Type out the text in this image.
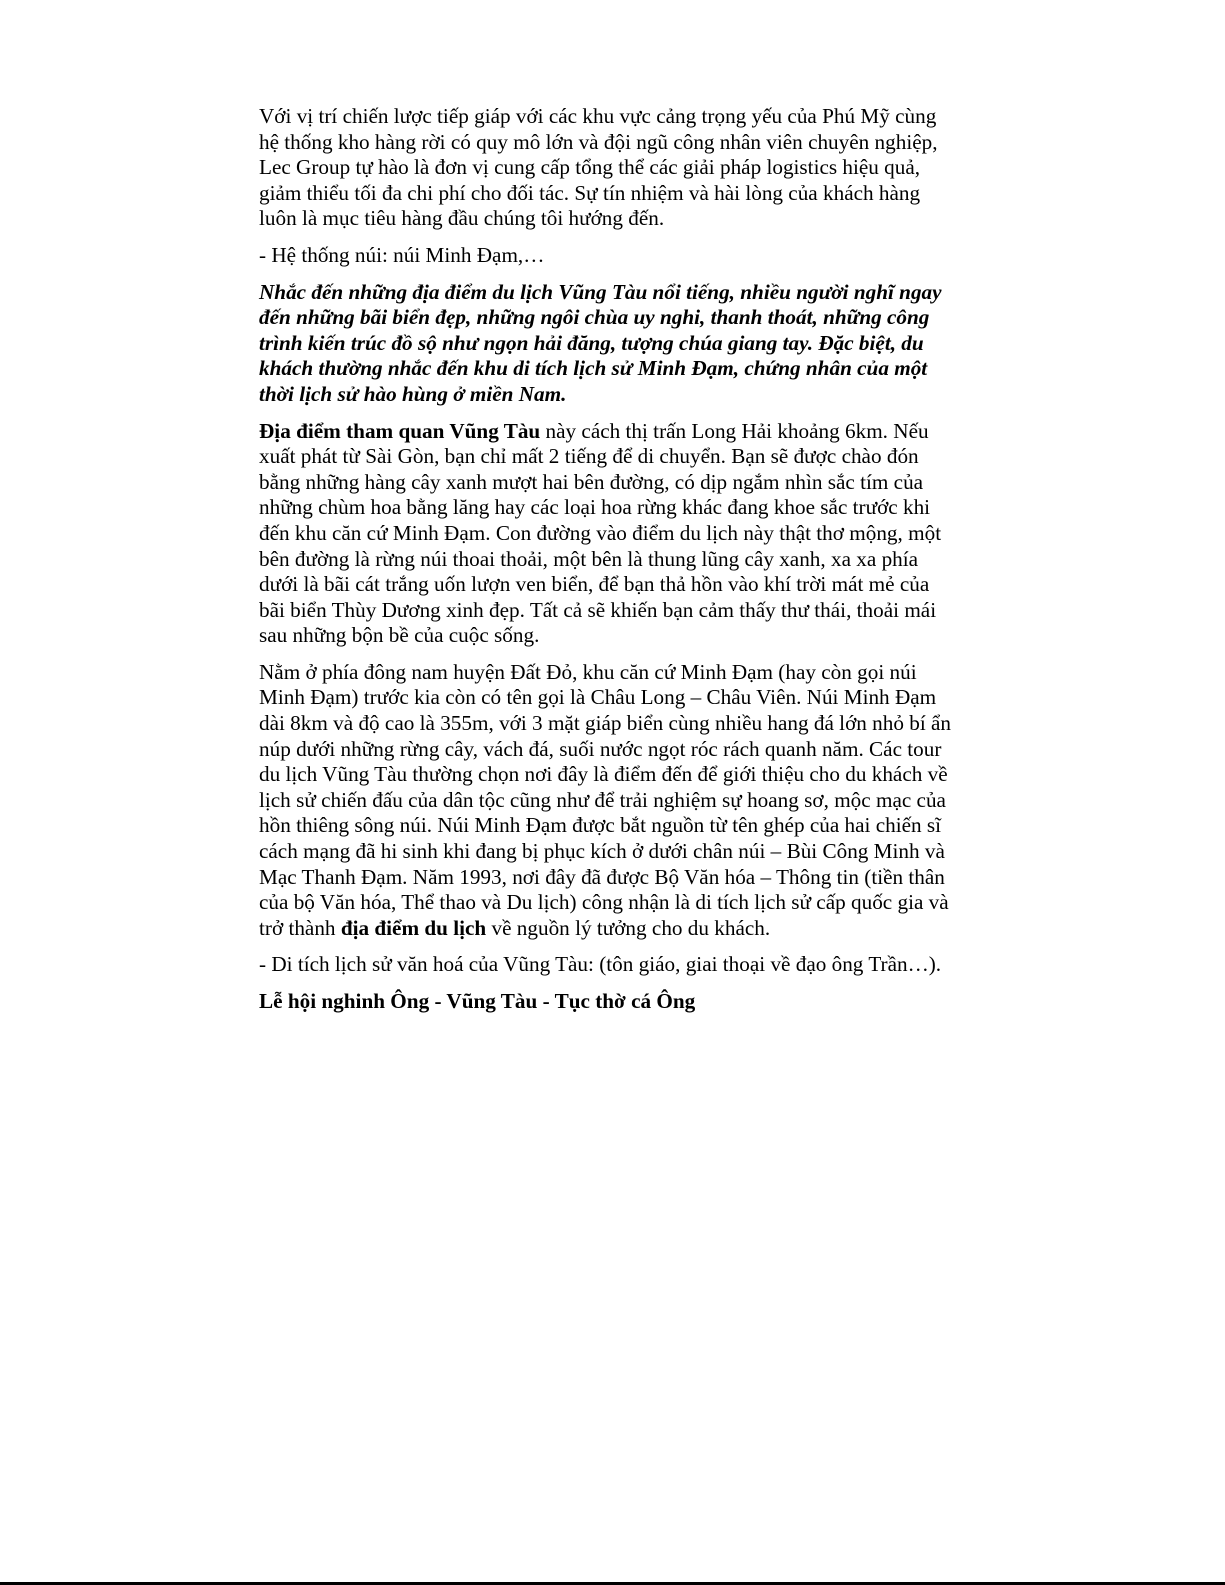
Với vị trí chiến lược tiếp giáp với các khu vực cảng trọng yếu của Phú Mỹ cùng hệ thống kho hàng rời có quy mô lớn và đội ngũ công nhân viên chuyên nghiệp, Lec Group tự hào là đơn vị cung cấp tổng thể các giải pháp logistics hiệu quả, giảm thiểu tối đa chi phí cho đối tác. Sự tín nhiệm và hài lòng của khách hàng luôn là mục tiêu hàng đầu chúng tôi hướng đến.

- Hệ thống núi: núi Minh Đạm,…

Nhắc đến những địa điểm du lịch Vũng Tàu nổi tiếng, nhiều người nghĩ ngay đến những bãi biển đẹp, những ngôi chùa uy nghi, thanh thoát, những công trình kiến trúc đồ sộ như ngọn hải đăng, tượng chúa giang tay. Đặc biệt, du khách thường nhắc đến khu di tích lịch sử Minh Đạm, chứng nhân của một thời lịch sử hào hùng ở miền Nam.

Địa điểm tham quan Vũng Tàu này cách thị trấn Long Hải khoảng 6km. Nếu xuất phát từ Sài Gòn, bạn chỉ mất 2 tiếng để di chuyển. Bạn sẽ được chào đón bằng những hàng cây xanh mượt hai bên đường, có dịp ngắm nhìn sắc tím của những chùm hoa bằng lăng hay các loại hoa rừng khác đang khoe sắc trước khi đến khu căn cứ Minh Đạm. Con đường vào điểm du lịch này thật thơ mộng, một bên đường là rừng núi thoai thoải, một bên là thung lũng cây xanh, xa xa phía dưới là bãi cát trắng uốn lượn ven biển, để bạn thả hồn vào khí trời mát mẻ của bãi biển Thùy Dương xinh đẹp. Tất cả sẽ khiến bạn cảm thấy thư thái, thoải mái sau những bộn bề của cuộc sống.

Nằm ở phía đông nam huyện Đất Đỏ, khu căn cứ Minh Đạm (hay còn gọi núi Minh Đạm) trước kia còn có tên gọi là Châu Long – Châu Viên. Núi Minh Đạm dài 8km và độ cao là 355m, với 3 mặt giáp biển cùng nhiều hang đá lớn nhỏ bí ẩn núp dưới những rừng cây, vách đá, suối nước ngọt róc rách quanh năm. Các tour du lịch Vũng Tàu thường chọn nơi đây là điểm đến để giới thiệu cho du khách về lịch sử chiến đấu của dân tộc cũng như để trải nghiệm sự hoang sơ, mộc mạc của hồn thiêng sông núi. Núi Minh Đạm được bắt nguồn từ tên ghép của hai chiến sĩ cách mạng đã hi sinh khi đang bị phục kích ở dưới chân núi – Bùi Công Minh và Mạc Thanh Đạm. Năm 1993, nơi đây đã được Bộ Văn hóa – Thông tin (tiền thân của bộ Văn hóa, Thể thao và Du lịch) công nhận là di tích lịch sử cấp quốc gia và trở thành địa điểm du lịch về nguồn lý tưởng cho du khách.

- Di tích lịch sử văn hoá của Vũng Tàu: (tôn giáo, giai thoại về đạo ông Trần…).

Lễ hội nghinh Ông - Vũng Tàu - Tục thờ cá Ông
